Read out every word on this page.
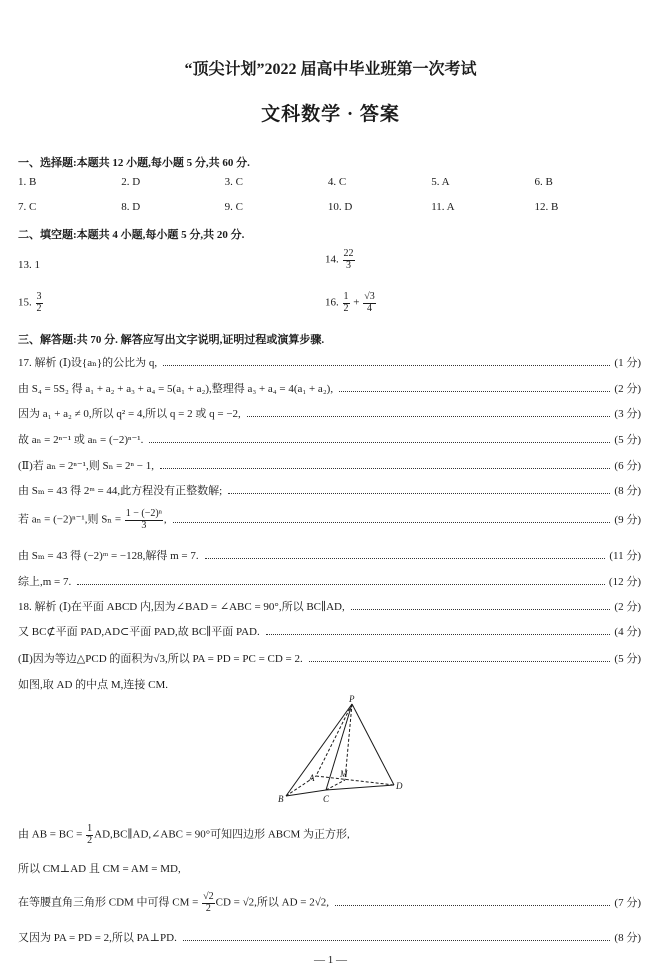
“顶尖计划”2022 届高中毕业班第一次考试
文科数学 · 答案
一、选择题:本题共 12 小题,每小题 5 分,共 60 分.
1. B	2. D	3. C	4. C	5. A	6. B
7. C	8. D	9. C	10. D	11. A	12. B
二、填空题:本题共 4 小题,每小题 5 分,共 20 分.
13. 1	14. $\frac{22}{3}$
15. $\frac{3}{2}$	16. $\frac{1}{2} + \frac{√3}{4}$
三、解答题:共 70 分. 解答应写出文字说明,证明过程或演算步骤.
17. 解析 (Ⅰ)设{aₙ}的公比为 q,	(1 分)
由 S₄ = 5S₂ 得 a₁ + a₂ + a₃ + a₄ = 5(a₁ + a₂),整理得 a₃ + a₄ = 4(a₁ + a₂),	(2 分)
因为 a₁ + a₂ ≠ 0,所以 q² = 4,所以 q = 2 或 q = −2,	(3 分)
故 aₙ = 2ⁿ⁻¹ 或 aₙ = (−2)ⁿ⁻¹.	(5 分)
(Ⅱ)若 aₙ = 2ⁿ⁻¹,则 Sₙ = 2ⁿ − 1,	(6 分)
由 Sₘ = 43 得 2ᵐ = 44,此方程没有正整数解;	(8 分)
若 aₙ = (−2)ⁿ⁻¹,则 $S_n = \frac{\text{1 − (−2)ⁿ}}{3}$ ,	(9 分)
由 Sₘ = 43 得 (−2)ᵐ = −128,解得 m = 7.	(11 分)
综上,m = 7.	(12 分)
18. 解析 (Ⅰ)在平面 ABCD 内,因为∠BAD = ∠ABC = 90°,所以 BC∥AD,	(2 分)
又 BC⊄平面 PAD,AD⊂平面 PAD,故 BC∥平面 PAD.	(4 分)
(Ⅱ)因为等边△PCD 的面积为√3,所以 PA = PD = PC = CD = 2.	(5 分)
如图,取 AD 的中点 M,连接 CM.
P
A	M
B	C
D
由 AB = BC = $\frac{1}{2}$ AD,BC∥AD,∠ABC = 90°可知四边形 ABCM 为正方形,
所以 CM⊥AD 且 CM = AM = MD,
在等腰直角三角形 CDM 中可得 CM = $\frac{√2}{2}$ CD = √2,所以 AD = 2√2,	(7 分)
又因为 PA = PD = 2,所以 PA⊥PD.	(8 分)
— 1 —
